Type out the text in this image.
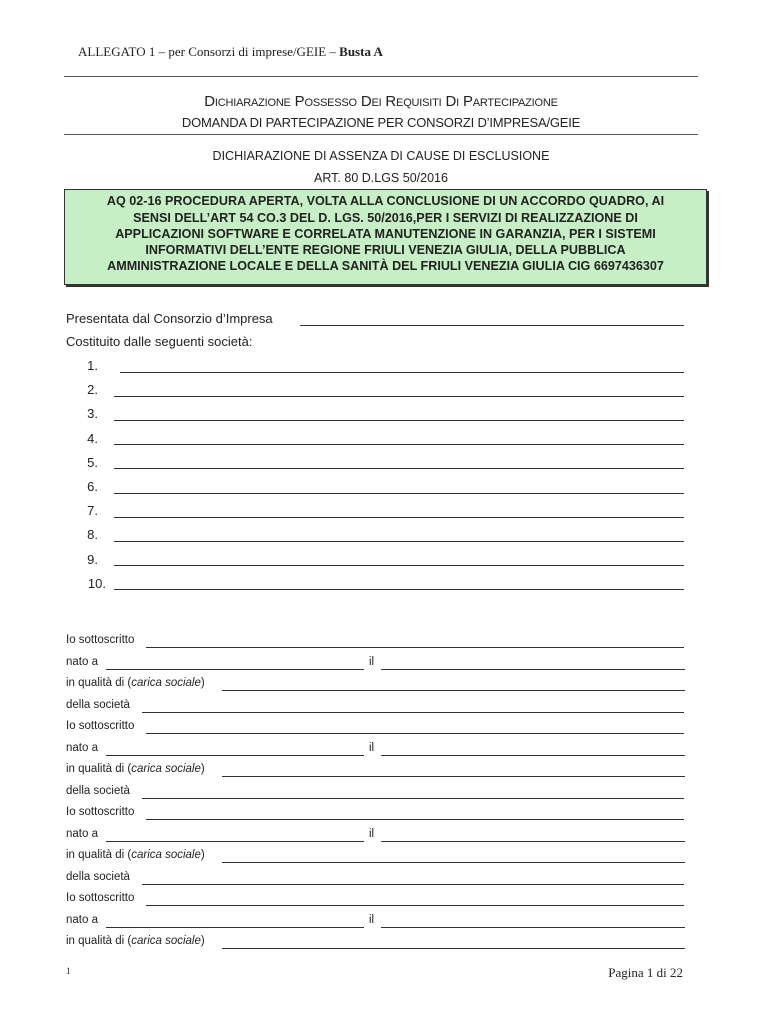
ALLEGATO 1 – per Consorzi di imprese/GEIE – Busta A
Dichiarazione Possesso Dei Requisiti Di Partecipazione
DOMANDA DI PARTECIPAZIONE PER CONSORZI D’IMPRESA/GEIE
DICHIARAZIONE DI ASSENZA DI CAUSE DI ESCLUSIONE
ART. 80 D.LGS 50/2016
AQ 02-16 PROCEDURA APERTA, VOLTA ALLA CONCLUSIONE DI UN ACCORDO QUADRO, AI
SENSI DELL’ART 54 CO.3 DEL D. LGS. 50/2016,PER I SERVIZI DI REALIZZAZIONE DI
APPLICAZIONI SOFTWARE E CORRELATA MANUTENZIONE IN GARANZIA, PER I SISTEMI
INFORMATIVI DELL’ENTE REGIONE FRIULI VENEZIA GIULIA, DELLA PUBBLICA
AMMINISTRAZIONE LOCALE E DELLA SANITÀ DEL FRIULI VENEZIA GIULIA CIG 6697436307
Presentata dal Consorzio d’Impresa
Costituito dalle seguenti società:
1.
2.
3.
4.
5.
6.
7.
8.
9.
10.
Io sottoscritto
nato a	il
in qualità di (carica sociale)
della società
Io sottoscritto
nato a	il
in qualità di (carica sociale)
della società
Io sottoscritto
nato a	il
in qualità di (carica sociale)
della società
Io sottoscritto
nato a	il
in qualità di (carica sociale)
1	Pagina 1 di 22
